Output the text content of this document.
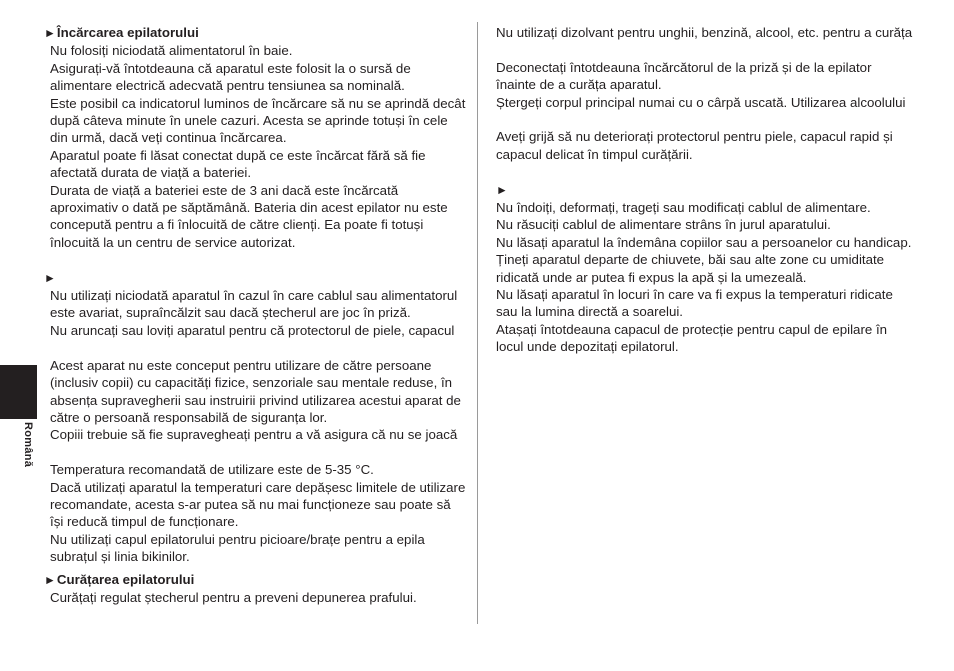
Română
►Încărcarea epilatorului
Nu folosiți niciodată alimentatorul în baie.
Asigurați-vă întotdeauna că aparatul este folosit la o sursă de
alimentare electrică adecvată pentru tensiunea sa nominală.
Este posibil ca indicatorul luminos de încărcare să nu se aprindă decât
după câteva minute în unele cazuri. Acesta se aprinde totuși în cele
din urmă, dacă veți continua încărcarea.
Aparatul poate fi lăsat conectat după ce este încărcat fără să fie
afectată durata de viață a bateriei.
Durata de viață a bateriei este de 3 ani dacă este încărcată
aproximativ o dată pe săptămână. Bateria din acest epilator nu este
concepută pentru a fi înlocuită de către clienți. Ea poate fi totuși
înlocuită la un centru de service autorizat.
►
Nu utilizați niciodată aparatul în cazul în care cablul sau alimentatorul
este avariat, supraîncălzit sau dacă ștecherul are joc în priză.
Nu aruncați sau loviți aparatul pentru că protectorul de piele, capacul
Acest aparat nu este conceput pentru utilizare de către persoane
(inclusiv copii) cu capacități fizice, senzoriale sau mentale reduse, în
absența supravegherii sau instruirii privind utilizarea acestui aparat de
către o persoană responsabilă de siguranța lor.
Copiii trebuie să fie supravegheați pentru a vă asigura că nu se joacă
Temperatura recomandată de utilizare este de 5-35 °C.
Dacă utilizați aparatul la temperaturi care depășesc limitele de utilizare
recomandate, acesta s-ar putea să nu mai funcționeze sau poate să
își reducă timpul de funcționare.
Nu utilizați capul epilatorului pentru picioare/brațe pentru a epila
subrațul și linia bikinilor.
►Curățarea epilatorului
Curățați regulat ștecherul pentru a preveni depunerea prafului.
Nu utilizați dizolvant pentru unghii, benzină, alcool, etc. pentru a curăța
Deconectați întotdeauna încărcătorul de la priză și de la epilator
înainte de a curăța aparatul.
Ștergeți corpul principal numai cu o cârpă uscată. Utilizarea alcoolului
Aveți grijă să nu deteriorați protectorul pentru piele, capacul rapid și
capacul delicat în timpul curățării.
►
Nu îndoiți, deformați, trageți sau modificați cablul de alimentare.
Nu răsuciți cablul de alimentare strâns în jurul aparatului.
Nu lăsați aparatul la îndemâna copiilor sau a persoanelor cu handicap.
Țineți aparatul departe de chiuvete, băi sau alte zone cu umiditate
ridicată unde ar putea fi expus la apă și la umezeală.
Nu lăsați aparatul în locuri în care va fi expus la temperaturi ridicate
sau la lumina directă a soarelui.
Atașați întotdeauna capacul de protecție pentru capul de epilare în
locul unde depozitați epilatorul.
